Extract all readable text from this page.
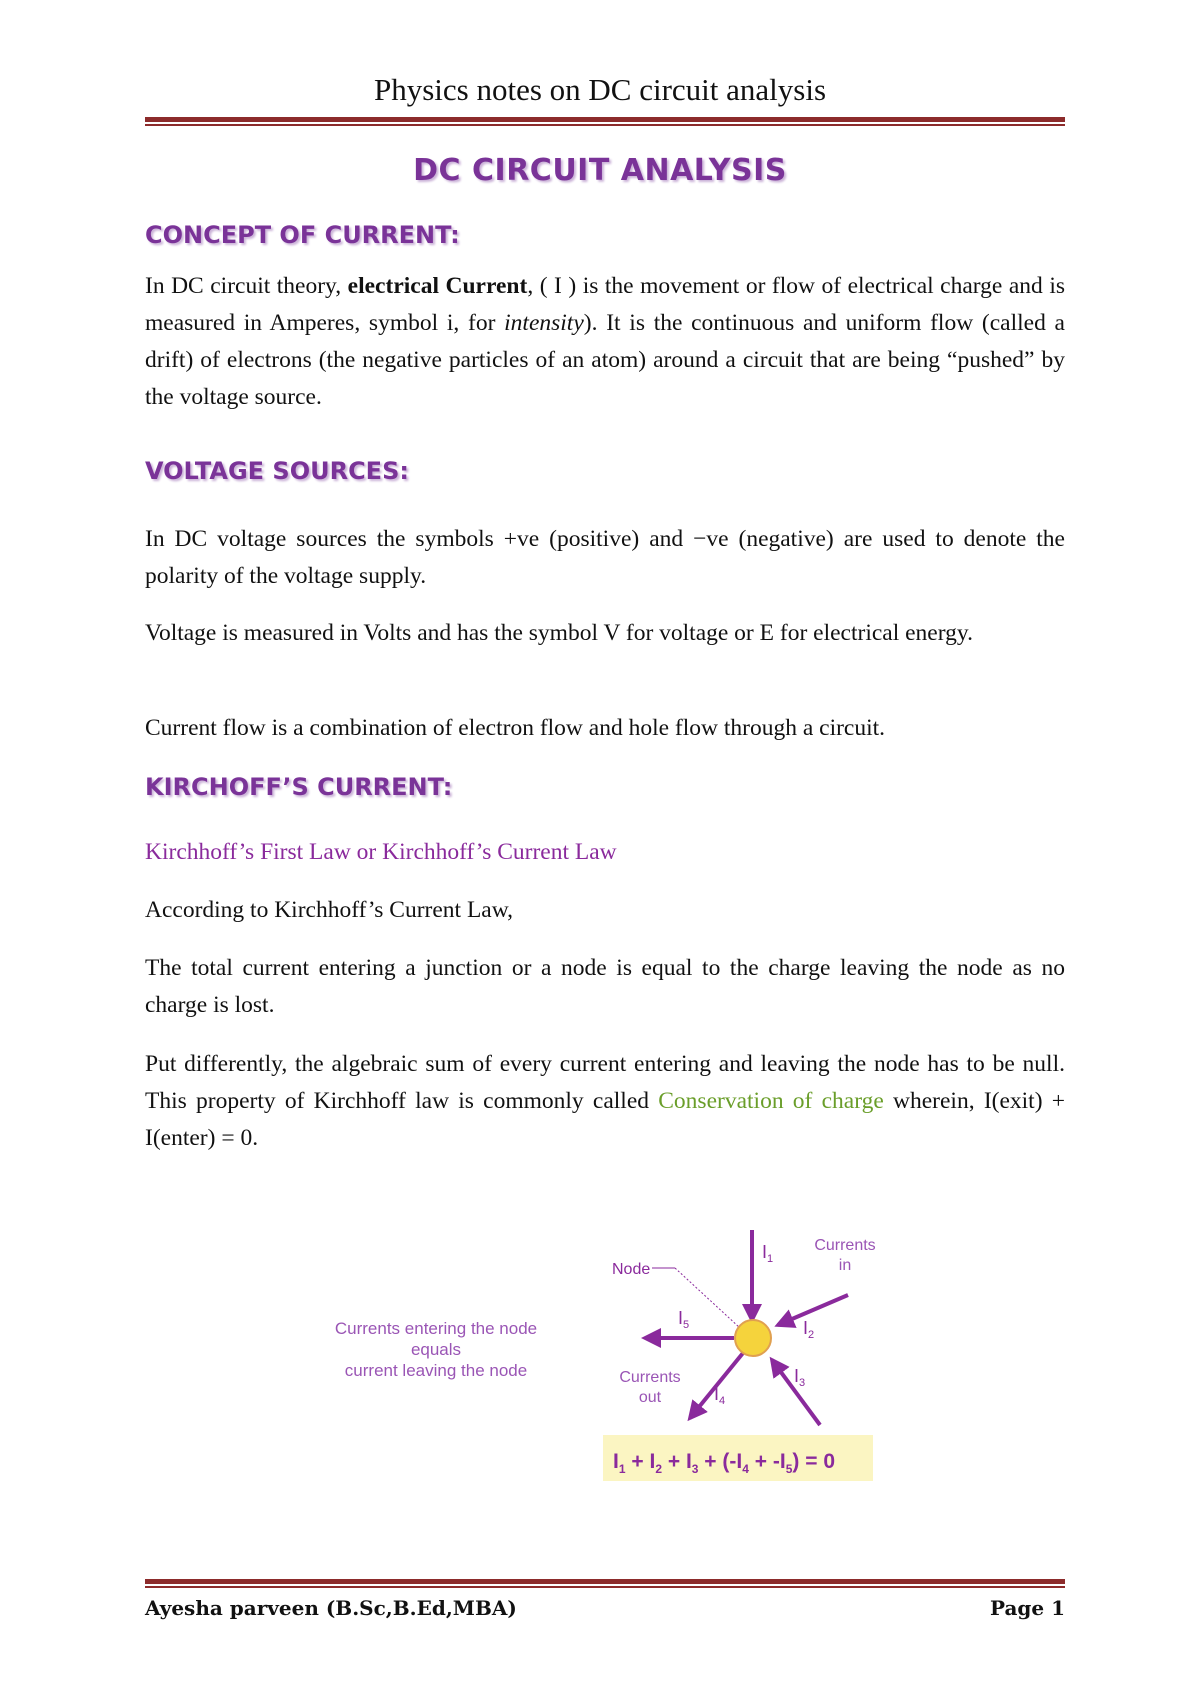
Physics notes on DC circuit analysis
DC CIRCUIT ANALYSIS
CONCEPT OF CURRENT:
In DC circuit theory, electrical Current, ( I ) is the movement or flow of electrical charge and is measured in Amperes, symbol i, for intensity). It is the continuous and uniform flow (called a drift) of electrons (the negative particles of an atom) around a circuit that are being “pushed” by the voltage source.
VOLTAGE SOURCES:
In DC voltage sources the symbols +ve (positive) and −ve (negative) are used to denote the polarity of the voltage supply.
Voltage is measured in Volts and has the symbol V for voltage or E for electrical energy.
Current flow is a combination of electron flow and hole flow through a circuit.
KIRCHOFF’S CURRENT:
Kirchhoff’s First Law or Kirchhoff’s Current Law
According to Kirchhoff’s Current Law,
The total current entering a junction or a node is equal to the charge leaving the node as no charge is lost.
Put differently, the algebraic sum of every current entering and leaving the node has to be null. This property of Kirchhoff law is commonly called Conservation of charge wherein, I(exit) + I(enter) = 0.
Currents entering the node
equals
current leaving the node
Node
$I_1$
$I_2$
$I_3$
$I_4$
$I_5$
Currents
in
Currents
out
$I_1 + I_2 + I_3 + (-I_4 + -I_5) = 0$
Ayesha parveen (B.Sc,B.Ed,MBA)	Page 1
